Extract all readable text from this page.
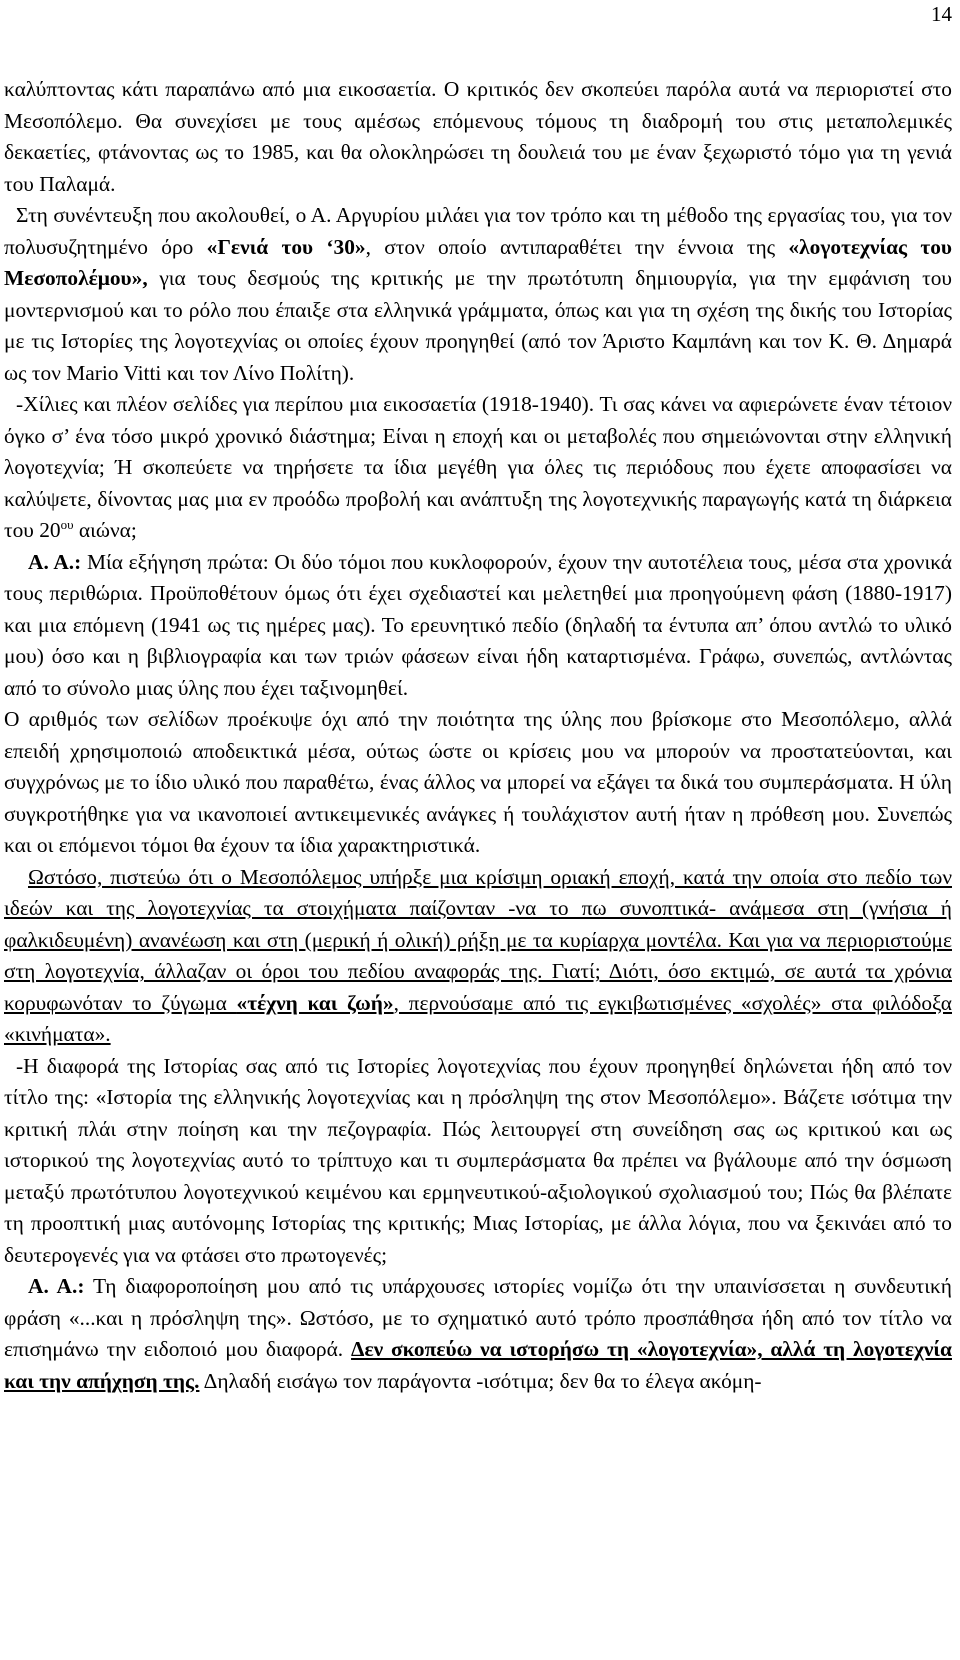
14

καλύπτοντας κάτι παραπάνω από μια εικοσαετία. Ο κριτικός δεν σκοπεύει παρόλα αυτά να περιοριστεί στο Μεσοπόλεμο. Θα συνεχίσει με τους αμέσως επόμενους τόμους τη διαδρομή του στις μεταπολεμικές δεκαετίες, φτάνοντας ως το 1985, και θα ολοκληρώσει τη δουλειά του με έναν ξεχωριστό τόμο για τη γενιά του Παλαμά.

Στη συνέντευξη που ακολουθεί, ο Α. Αργυρίου μιλάει για τον τρόπο και τη μέθοδο της εργασίας του, για τον πολυσυζητημένο όρο «Γενιά του ‘30», στον οποίο αντιπαραθέτει την έννοια της «λογοτεχνίας του Μεσοπολέμου», για τους δεσμούς της κριτικής με την πρωτότυπη δημιουργία, για την εμφάνιση του μοντερνισμού και το ρόλο που έπαιξε στα ελληνικά γράμματα, όπως και για τη σχέση της δικής του Ιστορίας με τις Ιστορίες της λογοτεχνίας οι οποίες έχουν προηγηθεί (από τον Άριστο Καμπάνη και τον Κ. Θ. Δημαρά ως τον Mario Vitti και τον Λίνο Πολίτη).

-Χίλιες και πλέον σελίδες για περίπου μια εικοσαετία (1918-1940). Τι σας κάνει να αφιερώνετε έναν τέτοιον όγκο σ’ ένα τόσο μικρό χρονικό διάστημα; Είναι η εποχή και οι μεταβολές που σημειώνονται στην ελληνική λογοτεχνία; Ή σκοπεύετε να τηρήσετε τα ίδια μεγέθη για όλες τις περιόδους που έχετε αποφασίσει να καλύψετε, δίνοντας μας μια εν προόδω προβολή και ανάπτυξη της λογοτεχνικής παραγωγής κατά τη διάρκεια του $20^{o\upsilon}$ αιώνα;

Α. Α.: Μία εξήγηση πρώτα: Οι δύο τόμοι που κυκλοφορούν, έχουν την αυτοτέλεια τους, μέσα στα χρονικά τους περιθώρια. Προϋποθέτουν όμως ότι έχει σχεδιαστεί και μελετηθεί μια προηγούμενη φάση (1880-1917) και μια επόμενη (1941 ως τις ημέρες μας). Το ερευνητικό πεδίο (δηλαδή τα έντυπα απ’ όπου αντλώ το υλικό μου) όσο και η βιβλιογραφία και των τριών φάσεων είναι ήδη καταρτισμένα. Γράφω, συνεπώς, αντλώντας από το σύνολο μιας ύλης που έχει ταξινομηθεί.

Ο αριθμός των σελίδων προέκυψε όχι από την ποιότητα της ύλης που βρίσκομε στο Μεσοπόλεμο, αλλά επειδή χρησιμοποιώ αποδεικτικά μέσα, ούτως ώστε οι κρίσεις μου να μπορούν να προστατεύονται, και συγχρόνως με το ίδιο υλικό που παραθέτω, ένας άλλος να μπορεί να εξάγει τα δικά του συμπεράσματα. Η ύλη συγκροτήθηκε για να ικανοποιεί αντικειμενικές ανάγκες ή τουλάχιστον αυτή ήταν η πρόθεση μου. Συνεπώς και οι επόμενοι τόμοι θα έχουν τα ίδια χαρακτηριστικά.

Ωστόσο, πιστεύω ότι ο Μεσοπόλεμος υπήρξε μια κρίσιμη οριακή εποχή, κατά την οποία στο πεδίο των ιδεών και της λογοτεχνίας τα στοιχήματα παίζονταν -να το πω συνοπτικά- ανάμεσα στη (γνήσια ή φαλκιδευμένη) ανανέωση και στη (μερική ή ολική) ρήξη με τα κυρίαρχα μοντέλα. Και για να περιοριστούμε στη λογοτεχνία, άλλαζαν οι όροι του πεδίου αναφοράς της. Γιατί; Διότι, όσο εκτιμώ, σε αυτά τα χρόνια κορυφωνόταν το ζύγωμα «τέχνη και ζωή», περνούσαμε από τις εγκιβωτισμένες «σχολές» στα φιλόδοξα «κινήματα».

-Η διαφορά της Ιστορίας σας από τις Ιστορίες λογοτεχνίας που έχουν προηγηθεί δηλώνεται ήδη από τον τίτλο της: «Ιστορία της ελληνικής λογοτεχνίας και η πρόσληψη της στον Μεσοπόλεμο». Βάζετε ισότιμα την κριτική πλάι στην ποίηση και την πεζογραφία. Πώς λειτουργεί στη συνείδηση σας ως κριτικού και ως ιστορικού της λογοτεχνίας αυτό το τρίπτυχο και τι συμπεράσματα θα πρέπει να βγάλουμε από την όσμωση μεταξύ πρωτότυπου λογοτεχνικού κειμένου και ερμηνευτικού-αξιολογικού σχολιασμού του; Πώς θα βλέπατε τη προοπτική μιας αυτόνομης Ιστορίας της κριτικής; Μιας Ιστορίας, με άλλα λόγια, που να ξεκινάει από το δευτερογενές για να φτάσει στο πρωτογενές;

Α. Α.: Τη διαφοροποίηση μου από τις υπάρχουσες ιστορίες νομίζω ότι την υπαινίσσεται η συνδευτική φράση «...και η πρόσληψη της». Ωστόσο, με το σχηματικό αυτό τρόπο προσπάθησα ήδη από τον τίτλο να επισημάνω την ειδοποιό μου διαφορά. Δεν σκοπεύω να ιστορήσω τη «λογοτεχνία», αλλά τη λογοτεχνία και την απήχηση της. Δηλαδή εισάγω τον παράγοντα -ισότιμα; δεν θα το έλεγα ακόμη-
